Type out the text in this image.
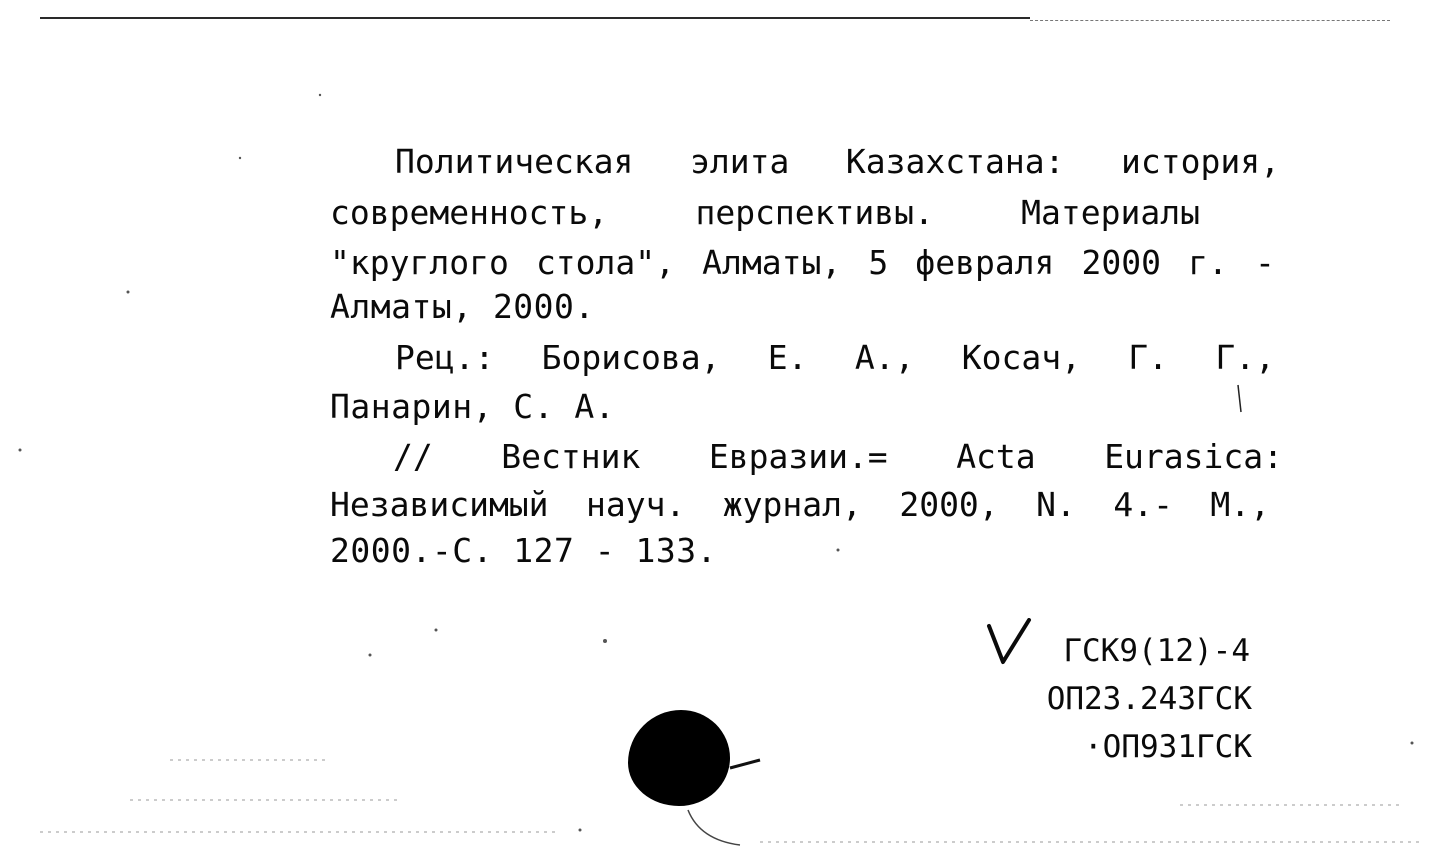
Политическая элита Казахстана: история,
современность,	перспективы.	Материалы
"круглого стола", Алматы, 5 февраля 2000 г. -
Алматы, 2000.
Рец.: Борисова, Е. А., Косач, Г. Г.,
Панарин, С. А.
// Вестник Евразии.= Acta Eurasica:
Независимый науч. журнал, 2000, N. 4.- М.,
2000.-С. 127 - 133.
ГСК9(12)-4
ОП23.243ГСК
·ОП931ГСК
